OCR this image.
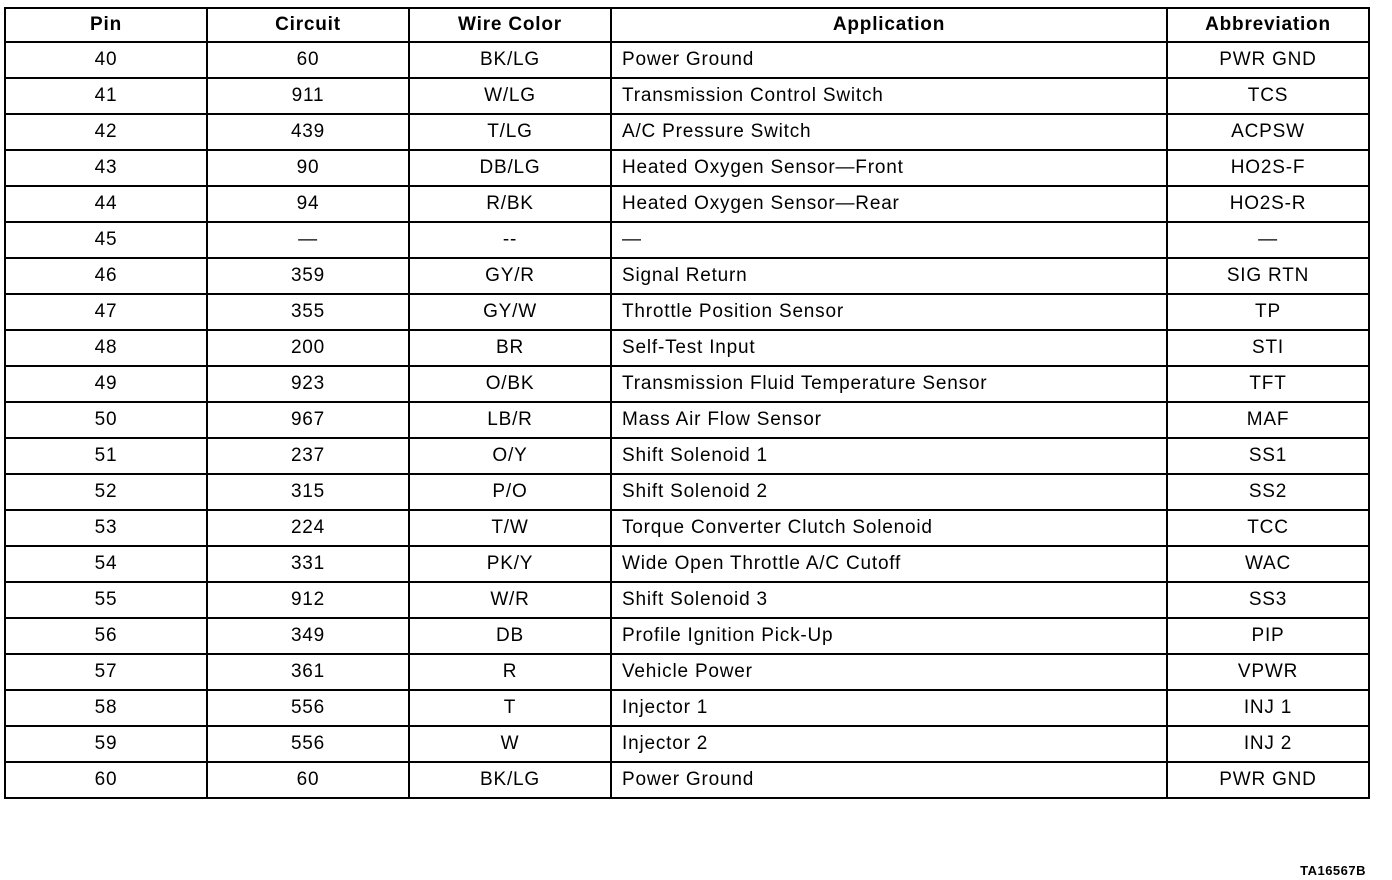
Pin	Circuit	Wire Color	Application	Abbreviation
40	60	BK/LG	Power Ground	PWR GND
41	911	W/LG	Transmission Control Switch	TCS
42	439	T/LG	A/C Pressure Switch	ACPSW
43	90	DB/LG	Heated Oxygen Sensor—Front	HO2S-F
44	94	R/BK	Heated Oxygen Sensor—Rear	HO2S-R
45	—	--	—	—
46	359	GY/R	Signal Return	SIG RTN
47	355	GY/W	Throttle Position Sensor	TP
48	200	BR	Self-Test Input	STI
49	923	O/BK	Transmission Fluid Temperature Sensor	TFT
50	967	LB/R	Mass Air Flow Sensor	MAF
51	237	O/Y	Shift Solenoid 1	SS1
52	315	P/O	Shift Solenoid 2	SS2
53	224	T/W	Torque Converter Clutch Solenoid	TCC
54	331	PK/Y	Wide Open Throttle A/C Cutoff	WAC
55	912	W/R	Shift Solenoid 3	SS3
56	349	DB	Profile Ignition Pick-Up	PIP
57	361	R	Vehicle Power	VPWR
58	556	T	Injector 1	INJ 1
59	556	W	Injector 2	INJ 2
60	60	BK/LG	Power Ground	PWR GND
TA16567B
